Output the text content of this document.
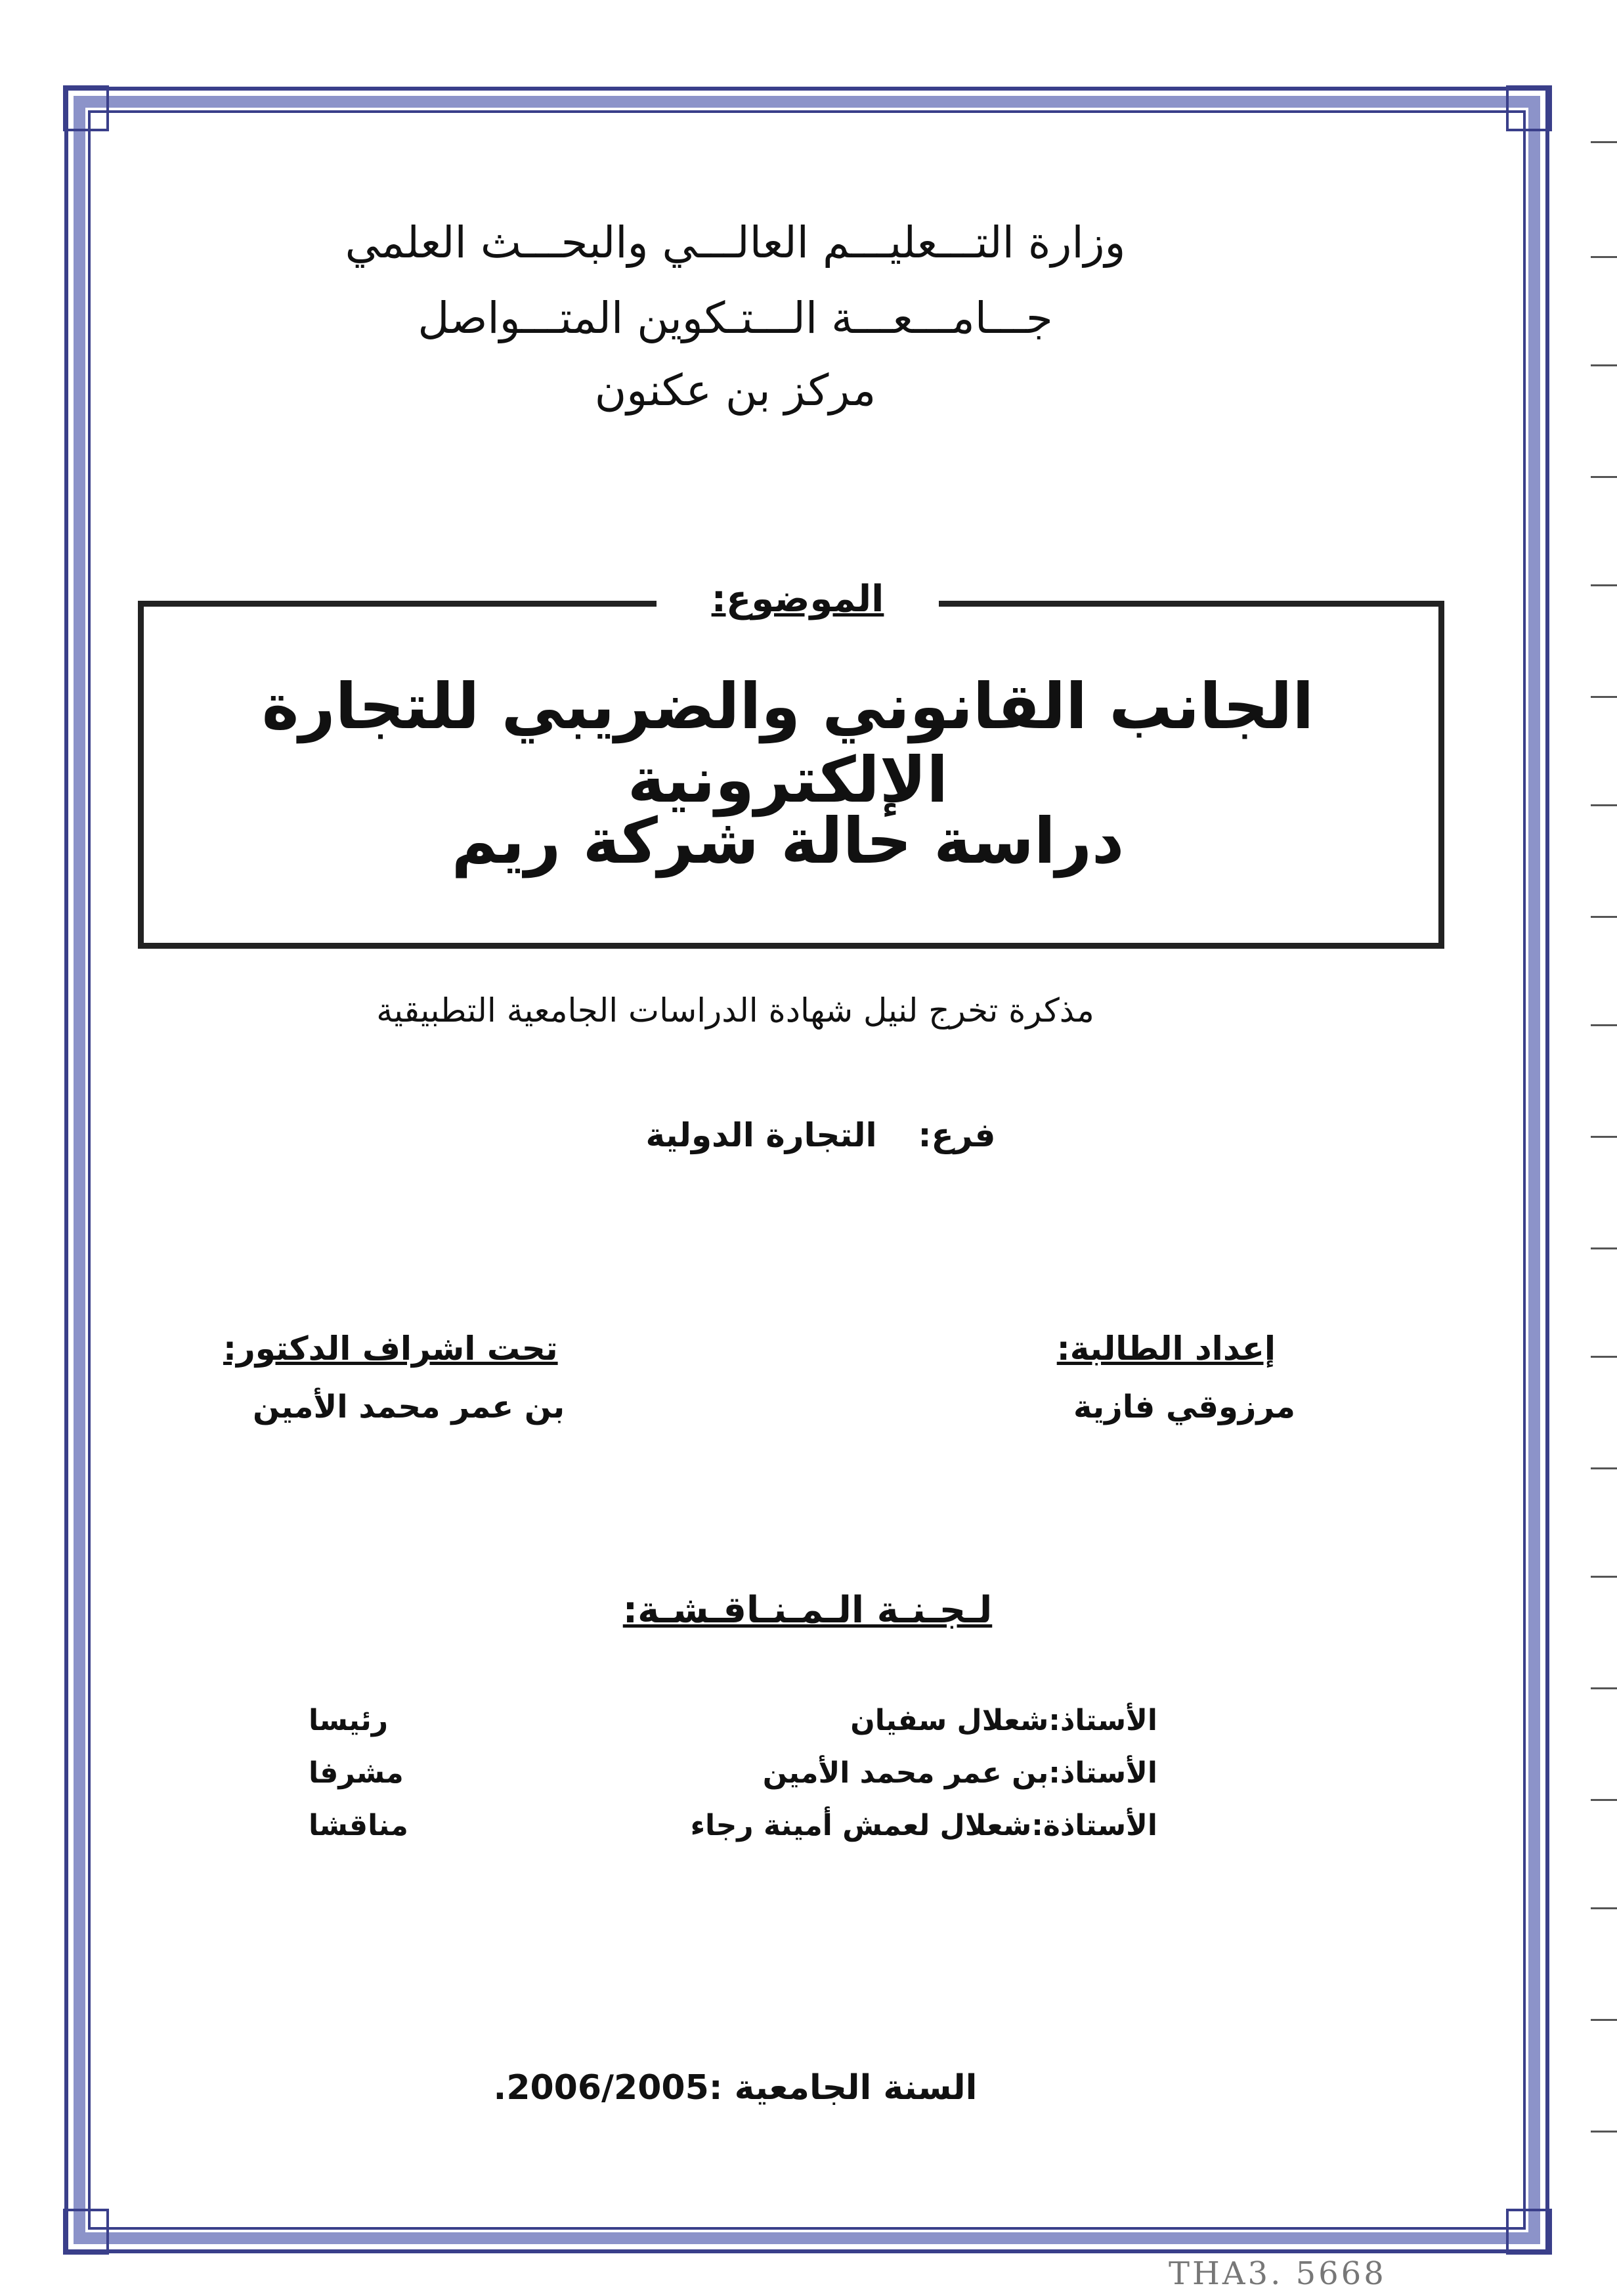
وزارة التـــعليـــم العالـــي والبحـــث العلمي
جـــامـــعـــة الـــتـكوين المتـــواصل
مركز بن عكنون
الموضوع:
الجانب القانوني والضريبي للتجارة الإلكترونية
دراسة حالة شركة ريم
مذكرة تخرج لنيل شهادة الدراسات الجامعية التطبيقية
فرع:  التجارة الدولية
إعداد الطالبة:
مرزوقي فازية
تحت اشراف الدكتور:
بن عمر محمد الأمين
لـجـنـة الـمـنـاقـشـة:
الأستاذ:شعلال سفيان
رئيسا
الأستاذ:بن عمر محمد الأمين
مشرفا
الأستاذة:شعلال لعمش أمينة رجاء
مناقشا
السنة الجامعية :2006/2005.
THA3. 5668
